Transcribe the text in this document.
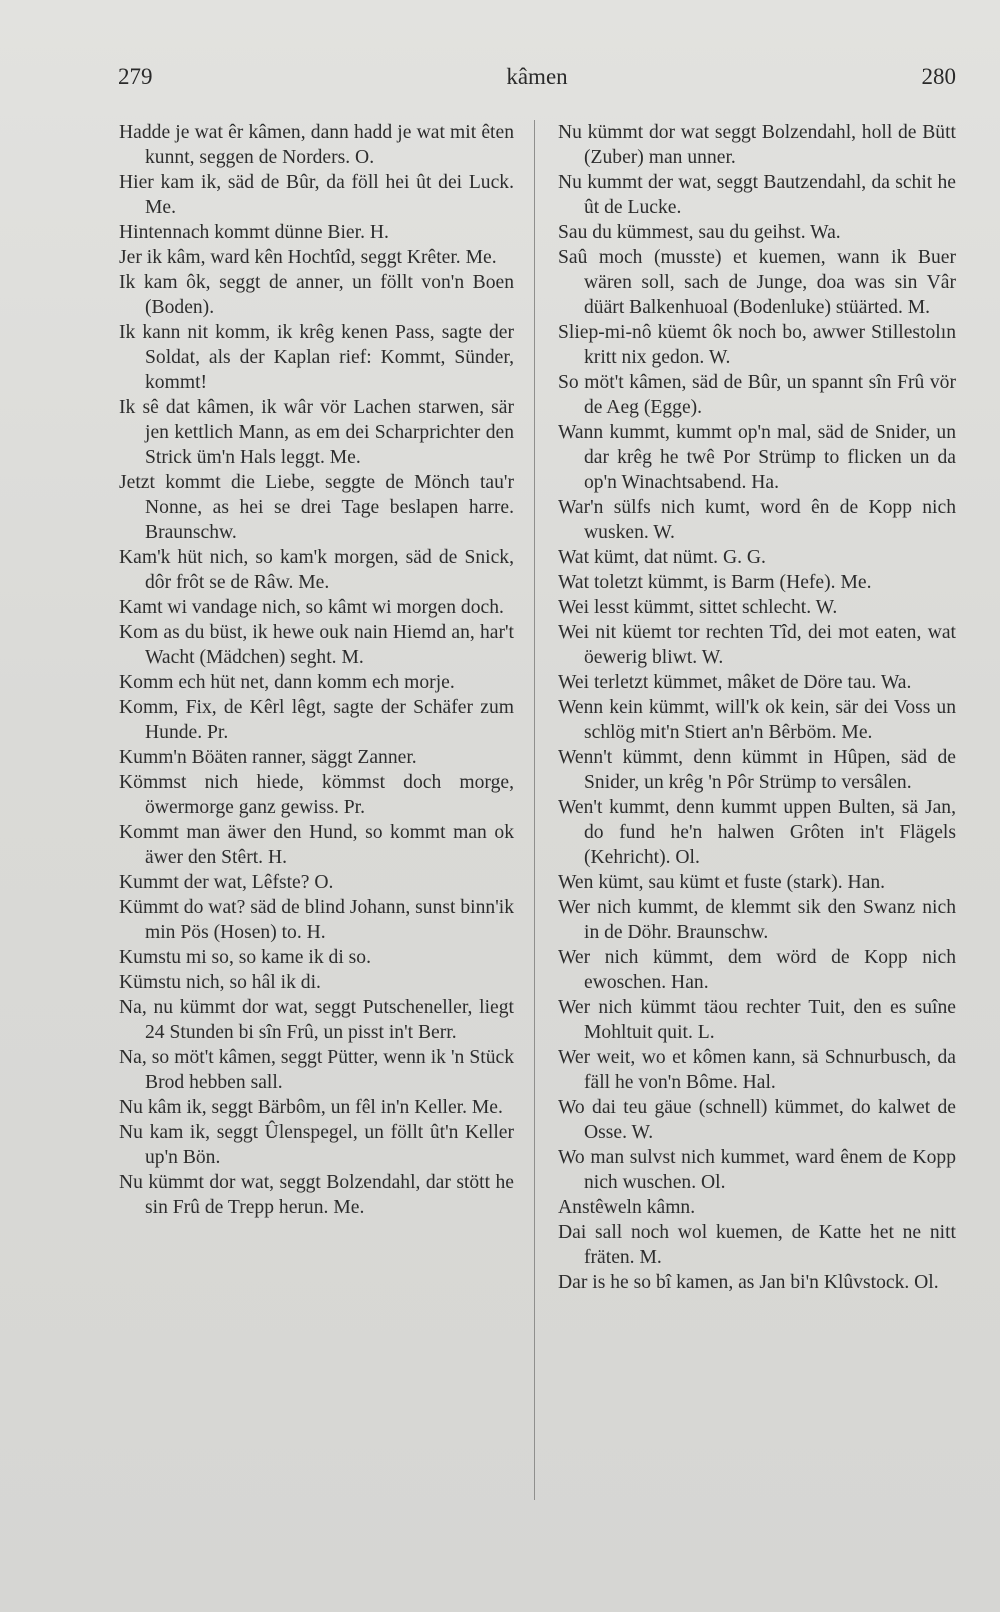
279	kâmen	280

Hadde je wat êr kâmen, dann hadd je wat mit êten kunnt, seggen de Norders. O.

Hier kam ik, säd de Bûr, da föll hei ût dei Luck. Me.

Hintennach kommt dünne Bier. H.

Jer ik kâm, ward kên Hochtîd, seggt Krêter. Me.

Ik kam ôk, seggt de anner, un föllt von'n Boen (Boden).

Ik kann nit komm, ik krêg kenen Pass, sagte der Soldat, als der Kaplan rief: Kommt, Sünder, kommt!

Ik sê dat kâmen, ik wâr vör Lachen starwen, sär jen kettlich Mann, as em dei Scharprichter den Strick üm'n Hals leggt. Me.

Jetzt kommt die Liebe, seggte de Mönch tau'r Nonne, as hei se drei Tage beslapen harre. Braunschw.

Kam'k hüt nich, so kam'k morgen, säd de Snick, dôr frôt se de Râw. Me.

Kamt wi vandage nich, so kâmt wi morgen doch.

Kom as du büst, ik hewe ouk nain Hiemd an, har't Wacht (Mädchen) seght. M.

Komm ech hüt net, dann komm ech morje.

Komm, Fix, de Kêrl lêgt, sagte der Schäfer zum Hunde. Pr.

Kumm'n Böäten ranner, säggt Zanner.

Kömmst nich hiede, kömmst doch morge, öwermorge ganz gewiss. Pr.

Kommt man äwer den Hund, so kommt man ok äwer den Stêrt. H.

Kummt der wat, Lêfste? O.

Kümmt do wat? säd de blind Johann, sunst binn'ik min Pös (Hosen) to. H.

Kumstu mi so, so kame ik di so.

Kümstu nich, so hâl ik di.

Na, nu kümmt dor wat, seggt Putscheneller, liegt 24 Stunden bi sîn Frû, un pisst in't Berr.

Na, so möt't kâmen, seggt Pütter, wenn ik 'n Stück Brod hebben sall.

Nu kâm ik, seggt Bärbôm, un fêl in'n Keller. Me.

Nu kam ik, seggt Ûlenspegel, un föllt ût'n Keller up'n Bön.

Nu kümmt dor wat, seggt Bolzendahl, dar stött he sin Frû de Trepp herun. Me.

Nu kümmt dor wat seggt Bolzendahl, holl de Bütt (Zuber) man unner.

Nu kummt der wat, seggt Bautzendahl, da schit he ût de Lucke.

Sau du kümmest, sau du geihst. Wa.

Saû moch (musste) et kuemen, wann ik Buer wären soll, sach de Junge, doa was sin Vâr düärt Balkenhuoal (Bodenluke) stüärted. M.

Sliep-mi-nô küemt ôk noch bo, awwer Stillestolın kritt nix gedon. W.

So möt't kâmen, säd de Bûr, un spannt sîn Frû vör de Aeg (Egge).

Wann kummt, kummt op'n mal, säd de Snider, un dar krêg he twê Por Strümp to flicken un da op'n Winachtsabend. Ha.

War'n sülfs nich kumt, word ên de Kopp nich wusken. W.

Wat kümt, dat nümt. G. G.

Wat toletzt kümmt, is Barm (Hefe). Me.

Wei lesst kümmt, sittet schlecht. W.

Wei nit küemt tor rechten Tîd, dei mot eaten, wat öewerig bliwt. W.

Wei terletzt kümmet, mâket de Döre tau. Wa.

Wenn kein kümmt, will'k ok kein, sär dei Voss un schlög mit'n Stiert an'n Bêrböm. Me.

Wenn't kümmt, denn kümmt in Hûpen, säd de Snider, un krêg 'n Pôr Strümp to versâlen.

Wen't kummt, denn kummt uppen Bulten, sä Jan, do fund he'n halwen Grôten in't Flägels (Kehricht). Ol.

Wen kümt, sau kümt et fuste (stark). Han.

Wer nich kummt, de klemmt sik den Swanz nich in de Döhr. Braunschw.

Wer nich kümmt, dem wörd de Kopp nich ewoschen. Han.

Wer nich kümmt täou rechter Tuit, den es suîne Mohltuit quit. L.

Wer weit, wo et kômen kann, sä Schnurbusch, da fäll he von'n Bôme. Hal.

Wo dai teu gäue (schnell) kümmet, do kalwet de Osse. W.

Wo man sulvst nich kummet, ward ênem de Kopp nich wuschen. Ol.

Anstêweln kâmn.

Dai sall noch wol kuemen, de Katte het ne nitt fräten. M.

Dar is he so bî kamen, as Jan bi'n Klûvstock. Ol.
